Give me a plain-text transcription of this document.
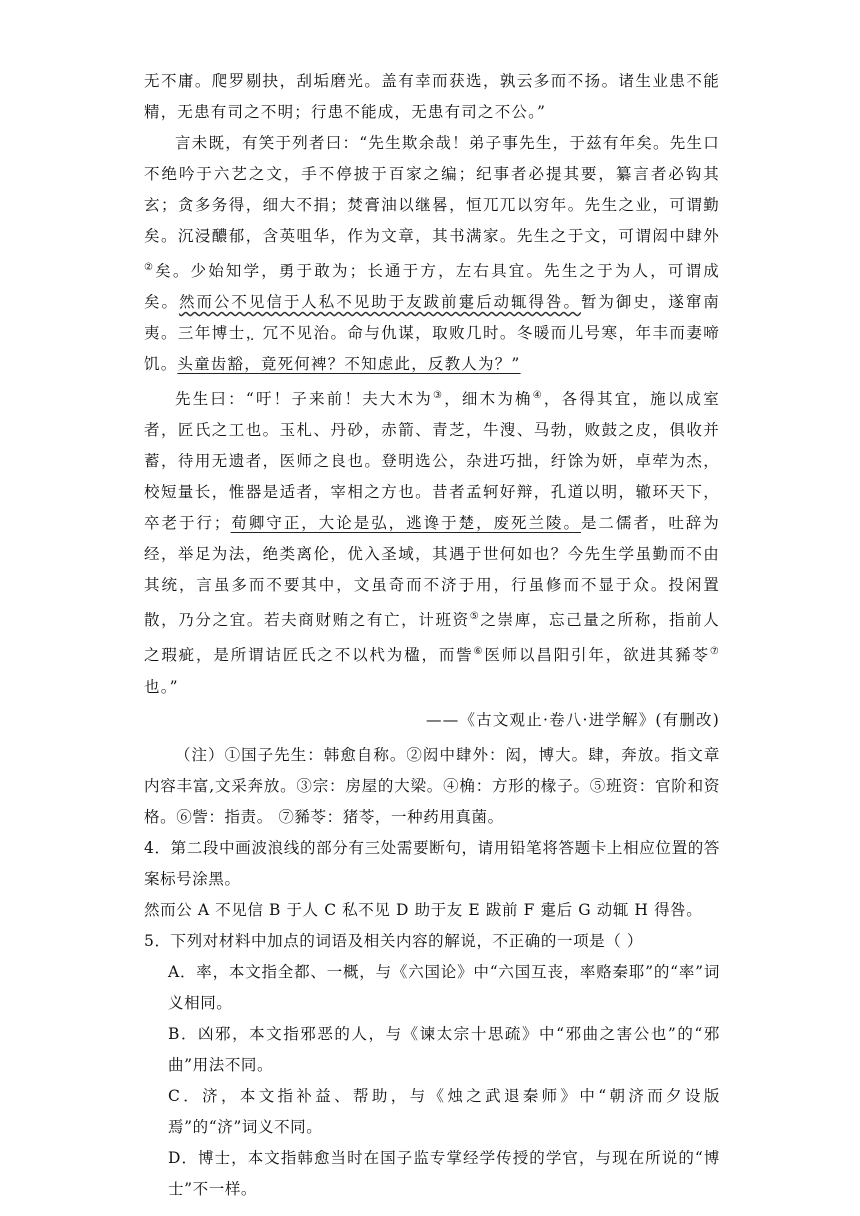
无不庸。爬罗剔抉，刮垢磨光。盖有幸而获选，孰云多而不扬。诸生业患不能精，无患有司之不明；行患不能成，无患有司之不公。”

言未既，有笑于列者曰：“先生欺余哉！弟子事先生，于兹有年矣。先生口不绝吟于六艺之文，手不停披于百家之编；纪事者必提其要，纂言者必钩其玄；贪多务得，细大不捐；焚膏油以继晷，恒兀兀以穷年。先生之业，可谓勤矣。沉浸醲郁，含英咀华，作为文章，其书满家。先生之于文，可谓闳中肆外②矣。少始知学，勇于敢为；长通于方，左右具宜。先生之于为人，可谓成矣。然而公不见信于人私不见助于友跋前疐后动辄得咎。暂为御史，遂窜南夷。三年博士，冗不见治。命与仇谋，取败几时。冬暖而儿号寒，年丰而妻啼饥。头童齿豁，竟死何裨？不知虑此，反教人为？”

先生曰：“吁！子来前！夫大木为③，细木为桷④，各得其宜，施以成室者，匠氏之工也。玉札、丹砂，赤箭、青芝，牛溲、马勃，败鼓之皮，俱收并蓄，待用无遗者，医师之良也。登明选公，杂进巧拙，纡馀为妍，卓荦为杰，校短量长，惟器是适者，宰相之方也。昔者孟轲好辩，孔道以明，辙环天下，卒老于行；荀卿守正，大论是弘，逃谗于楚，废死兰陵。是二儒者，吐辞为经，举足为法，绝类离伦，优入圣域，其遇于世何如也？今先生学虽勤而不由其统，言虽多而不要其中，文虽奇而不济于用，行虽修而不显于众。投闲置散，乃分之宜。若夫商财贿之有亡，计班资⑤之崇庳，忘己量之所称，指前人之瑕疵，是所谓诘匠氏之不以杙为楹，而訾⑥医师以昌阳引年，欲进其豨苓⑦也。”

——《古文观止·卷八·进学解》(有删改)

（注）①国子先生：韩愈自称。②闳中肆外：闳，博大。肆，奔放。指文章内容丰富,文采奔放。③宗：房屋的大梁。④桷：方形的椽子。⑤班资：官阶和资格。⑥訾：指责。 ⑦豨苓：猪苓，一种药用真菌。

4．第二段中画波浪线的部分有三处需要断句，请用铅笔将答题卡上相应位置的答案标号涂黑。

然而公 A 不见信 B 于人 C 私不见 D 助于友 E 跋前 F 疐后 G 动辄 H 得咎。

5．下列对材料中加点的词语及相关内容的解说，不正确的一项是（ ）

A．率，本文指全都、一概，与《六国论》中“六国互丧，率赂秦耶”的“率”词义相同。

B．凶邪，本文指邪恶的人，与《谏太宗十思疏》中“邪曲之害公也”的“邪曲”用法不同。

C．济，本文指补益、帮助，与《烛之武退秦师》中“朝济而夕设版焉”的“济”词义不同。

D．博士，本文指韩愈当时在国子监专掌经学传授的学官，与现在所说的“博士”不一样。
